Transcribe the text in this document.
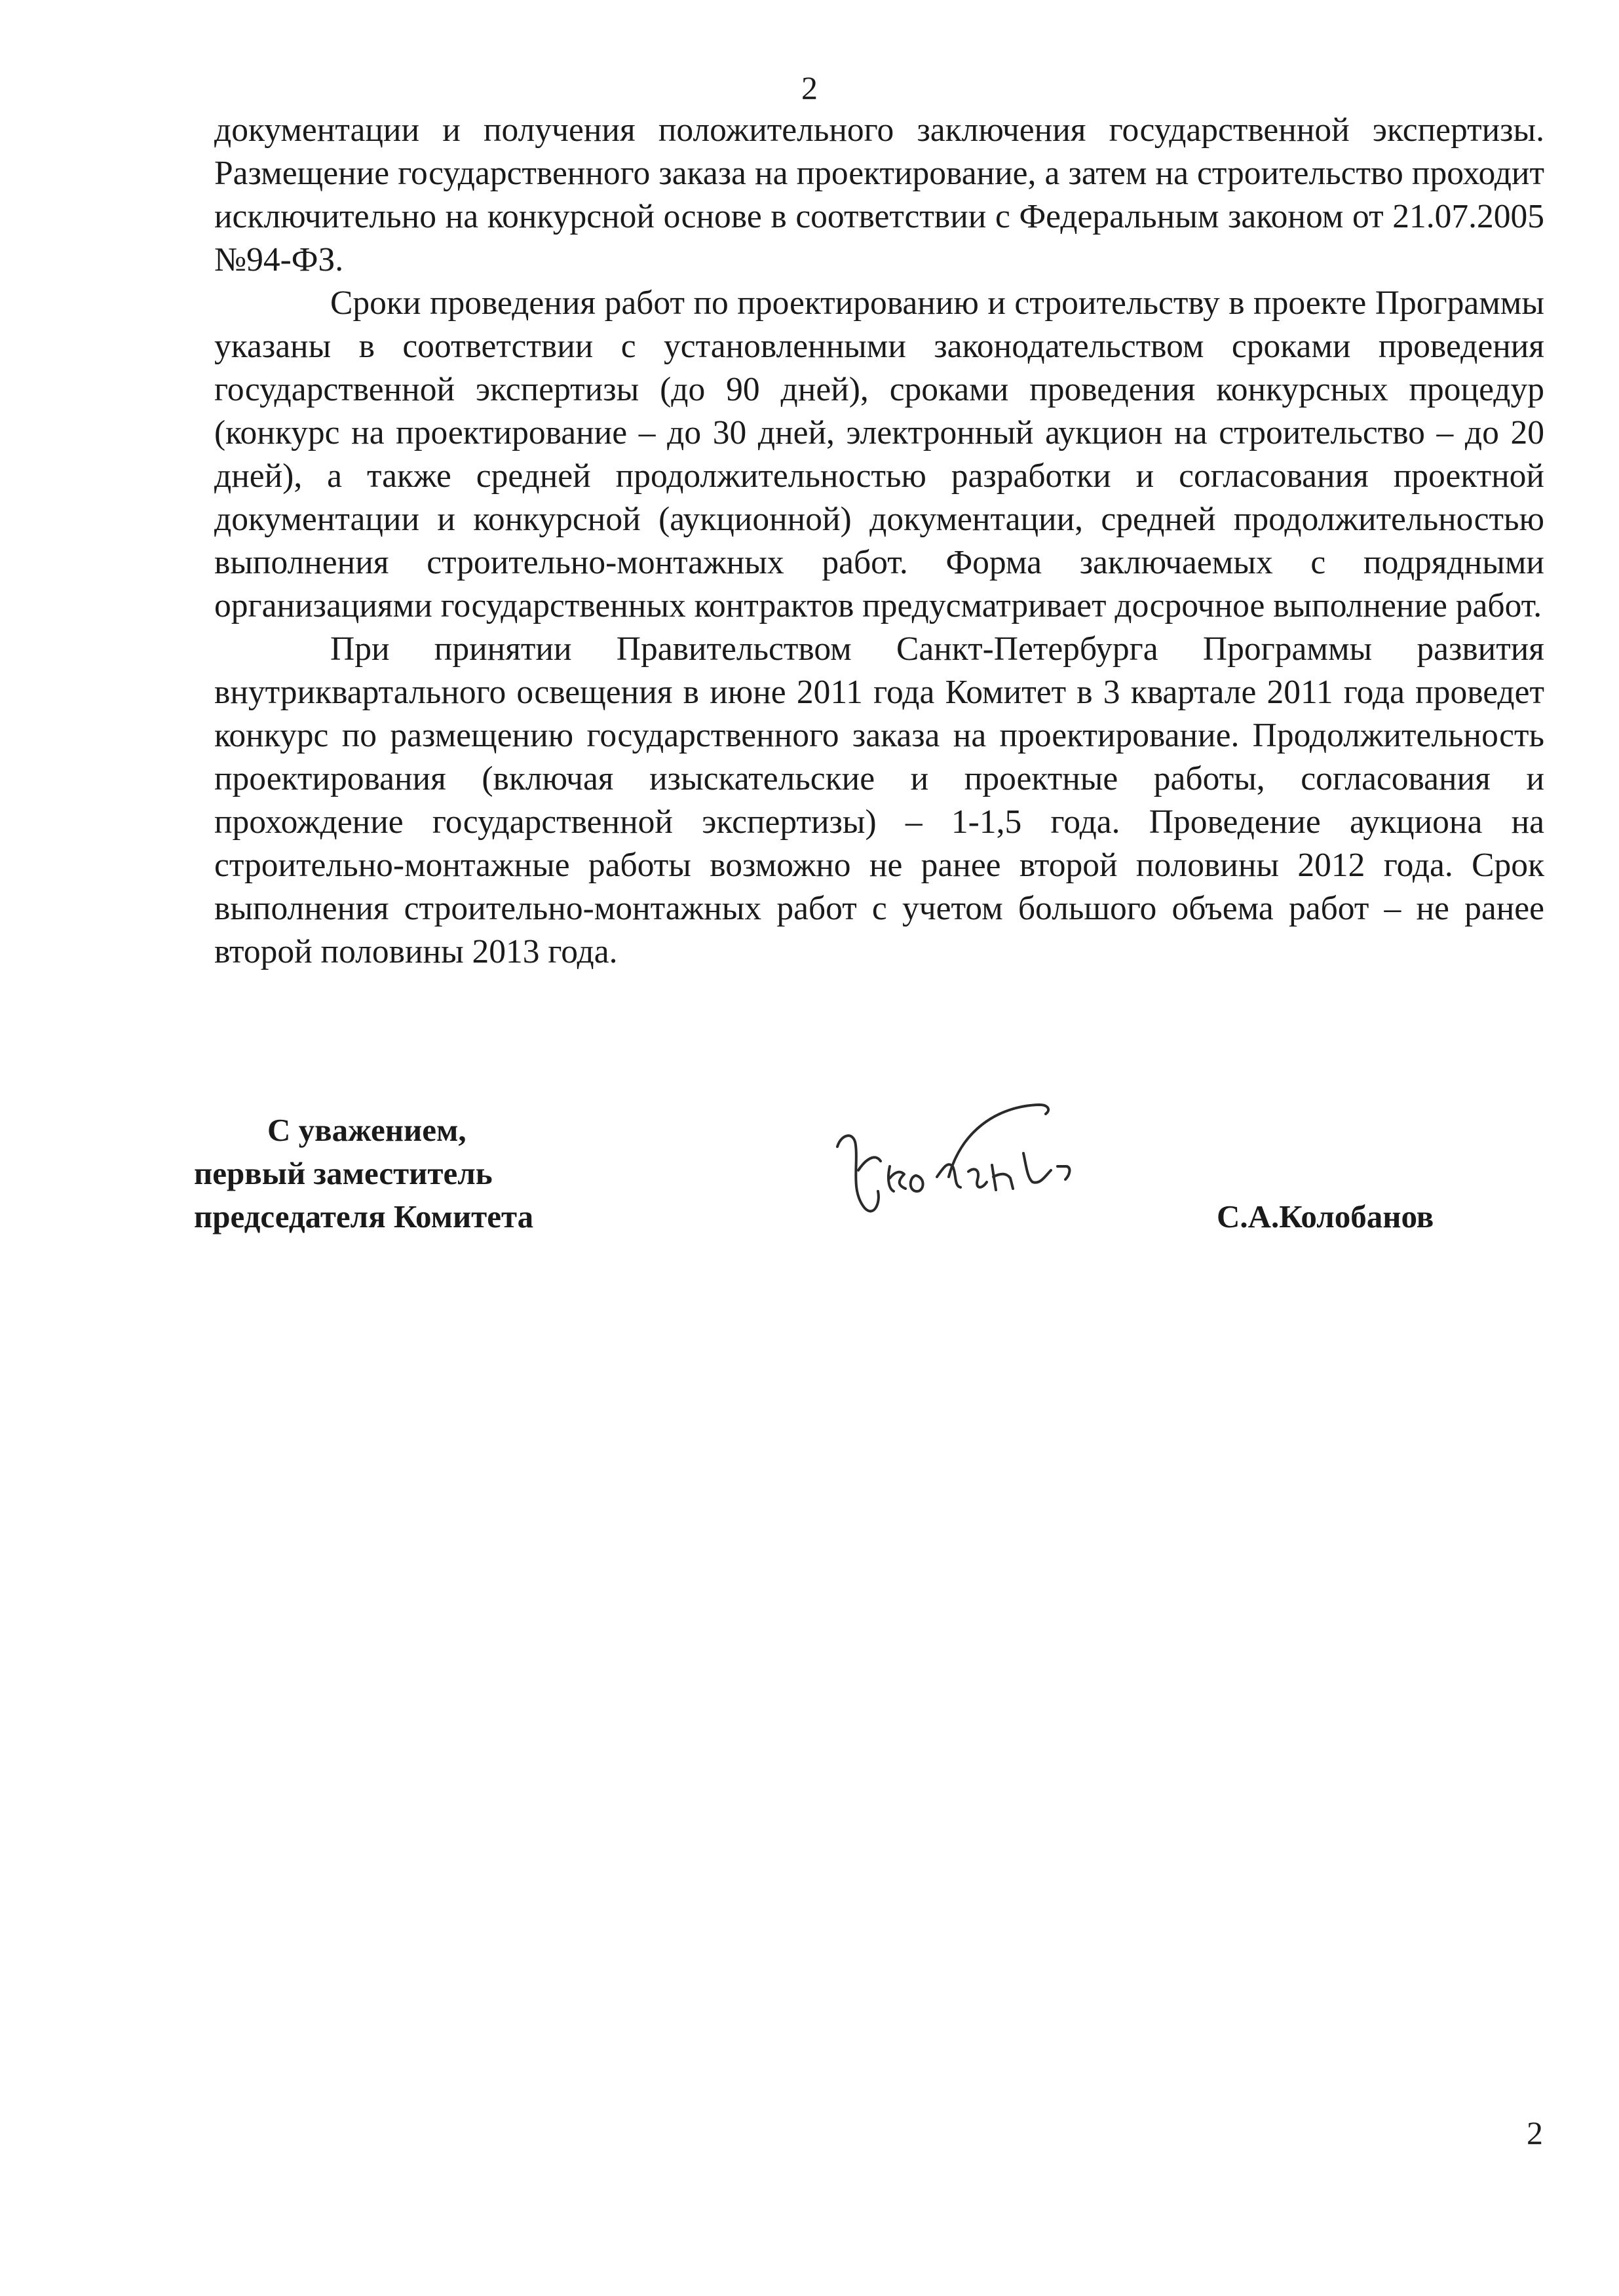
2

документации и получения положительного заключения государственной экспертизы. Размещение государственного заказа на проектирование, а затем на строительство проходит исключительно на конкурсной основе в соответствии с Федеральным законом от 21.07.2005 №94-ФЗ.

Сроки проведения работ по проектированию и строительству в проекте Программы указаны в соответствии с установленными законодательством сроками проведения государственной экспертизы (до 90 дней), сроками проведения конкурсных процедур (конкурс на проектирование – до 30 дней, электронный аукцион на строительство – до 20 дней), а также средней продолжительностью разработки и согласования проектной документации и конкурсной (аукционной) документации, средней продолжительностью выполнения строительно-монтажных работ. Форма заключаемых с подрядными организациями государственных контрактов предусматривает досрочное выполнение работ.

При принятии Правительством Санкт-Петербурга Программы развития внутриквартального освещения в июне 2011 года Комитет в 3 квартале 2011 года проведет конкурс по размещению государственного заказа на проектирование. Продолжительность проектирования (включая изыскательские и проектные работы, согласования и прохождение государственной экспертизы) – 1-1,5 года. Проведение аукциона на строительно-монтажные работы возможно не ранее второй половины 2012 года. Срок выполнения строительно-монтажных работ с учетом большого объема работ – не ранее второй половины 2013 года.

С уважением,
первый заместитель
председателя Комитета	С.А.Колобанов
2
